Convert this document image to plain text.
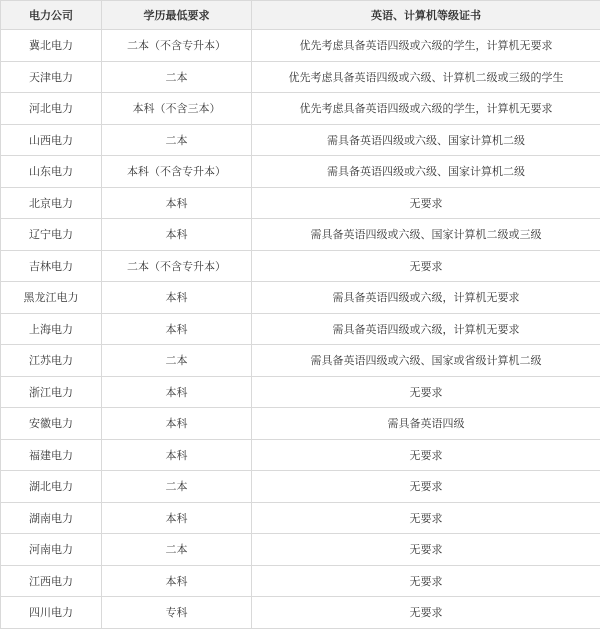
电力公司	学历最低要求	英语、计算机等级证书
冀北电力	二本（不含专升本）	优先考虑具备英语四级或六级的学生，计算机无要求
天津电力	二本	优先考虑具备英语四级或六级、计算机二级或三级的学生
河北电力	本科（不含三本）	优先考虑具备英语四级或六级的学生，计算机无要求
山西电力	二本	需具备英语四级或六级、国家计算机二级
山东电力	本科（不含专升本）	需具备英语四级或六级、国家计算机二级
北京电力	本科	无要求
辽宁电力	本科	需具备英语四级或六级、国家计算机二级或三级
吉林电力	二本（不含专升本）	无要求
黑龙江电力	本科	需具备英语四级或六级，计算机无要求
上海电力	本科	需具备英语四级或六级，计算机无要求
江苏电力	二本	需具备英语四级或六级、国家或省级计算机二级
浙江电力	本科	无要求
安徽电力	本科	需具备英语四级
福建电力	本科	无要求
湖北电力	二本	无要求
湖南电力	本科	无要求
河南电力	二本	无要求
江西电力	本科	无要求
四川电力	专科	无要求
